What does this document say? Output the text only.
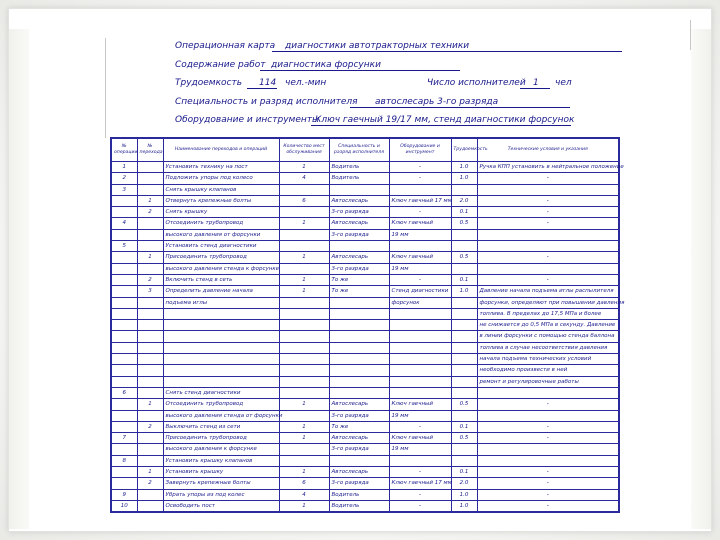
Операционная карта диагностики автотракторных техники
Содержание работ диагностика форсунки
Трудоемкость 114 чел.-мин	Число исполнителей 1 чел
Специальность и разряд исполнителя автослесарь 3-го разряда
Оборудование и инструменты
Ключ гаечный 19/17 мм, стенд диагностики форсунок
№ операции	№ перехода	Наименование переходов и операций	Количество мест обслуживания	Специальность и разряд исполнителя	Оборудование и инструмент	Трудоемкость	Технические условия и указания
1		Установить технику на пост	1	Водитель	-	1.0	Ручка КПП установить в нейтральное положение
2		Подложить упоры под колесо	4	Водитель	-	1.0	-
3		Снять крышку клапанов					
	1	Отвернуть крепежные болты	6	Автослесарь	Ключ гаечный 17 мм	2.0	-
	2	Снять крышку		3-го разряда	-	0.1	-
4		Отсоединить трубопровод	1	Автослесарь	Ключ гаечный	0.5	-
		высокого давления от форсунки		3-го разряда	19 мм		
5		Установить стенд диагностики					
	1	Присоединить трубопровод	1	Автослесарь	Ключ гаечный	0.5	-
		высокого давления стенда к форсунке		3-го разряда	19 мм		
	2	Включить стенд в сеть	1	То же	-	0.1	-
	3	Определить давление начала	1	То же	Стенд диагностики	1.0	Давление начала подъема иглы распылителя
		подъема иглы			форсунок		форсунки, определяют при повышении давления
							топлива. В пределах до 17,5 МПа и более
							не снижается до 0,5 МПа в секунду. Давление
							в линии форсунки с помощью стенда баллона
							топлива в случае несоответствия давления
							начала подъема технических условий
							необходимо произвести в ней
							ремонт и регулировочные работы
6		Снять стенд диагностики					
	1	Отсоединить трубопровод	1	Автослесарь	Ключ гаечный	0.5	-
		высокого давления стенда от форсунки		3-го разряда	19 мм		
	2	Выключить стенд из сети	1	То же	-	0.1	-
7		Присоединить трубопровод	1	Автослесарь	Ключ гаечный	0.5	-
		высокого давления к форсунке		3-го разряда	19 мм		
8		Установить крышку клапанов					
	1	Установить крышку	1	Автослесарь	-	0.1	-
	2	Завернуть крепежные болты	6	3-го разряда	Ключ гаечный 17 мм	2.0	-
9		Убрать упоры из под колес	4	Водитель	-	1.0	-
10		Освободить пост	1	Водитель	-	1.0	-
